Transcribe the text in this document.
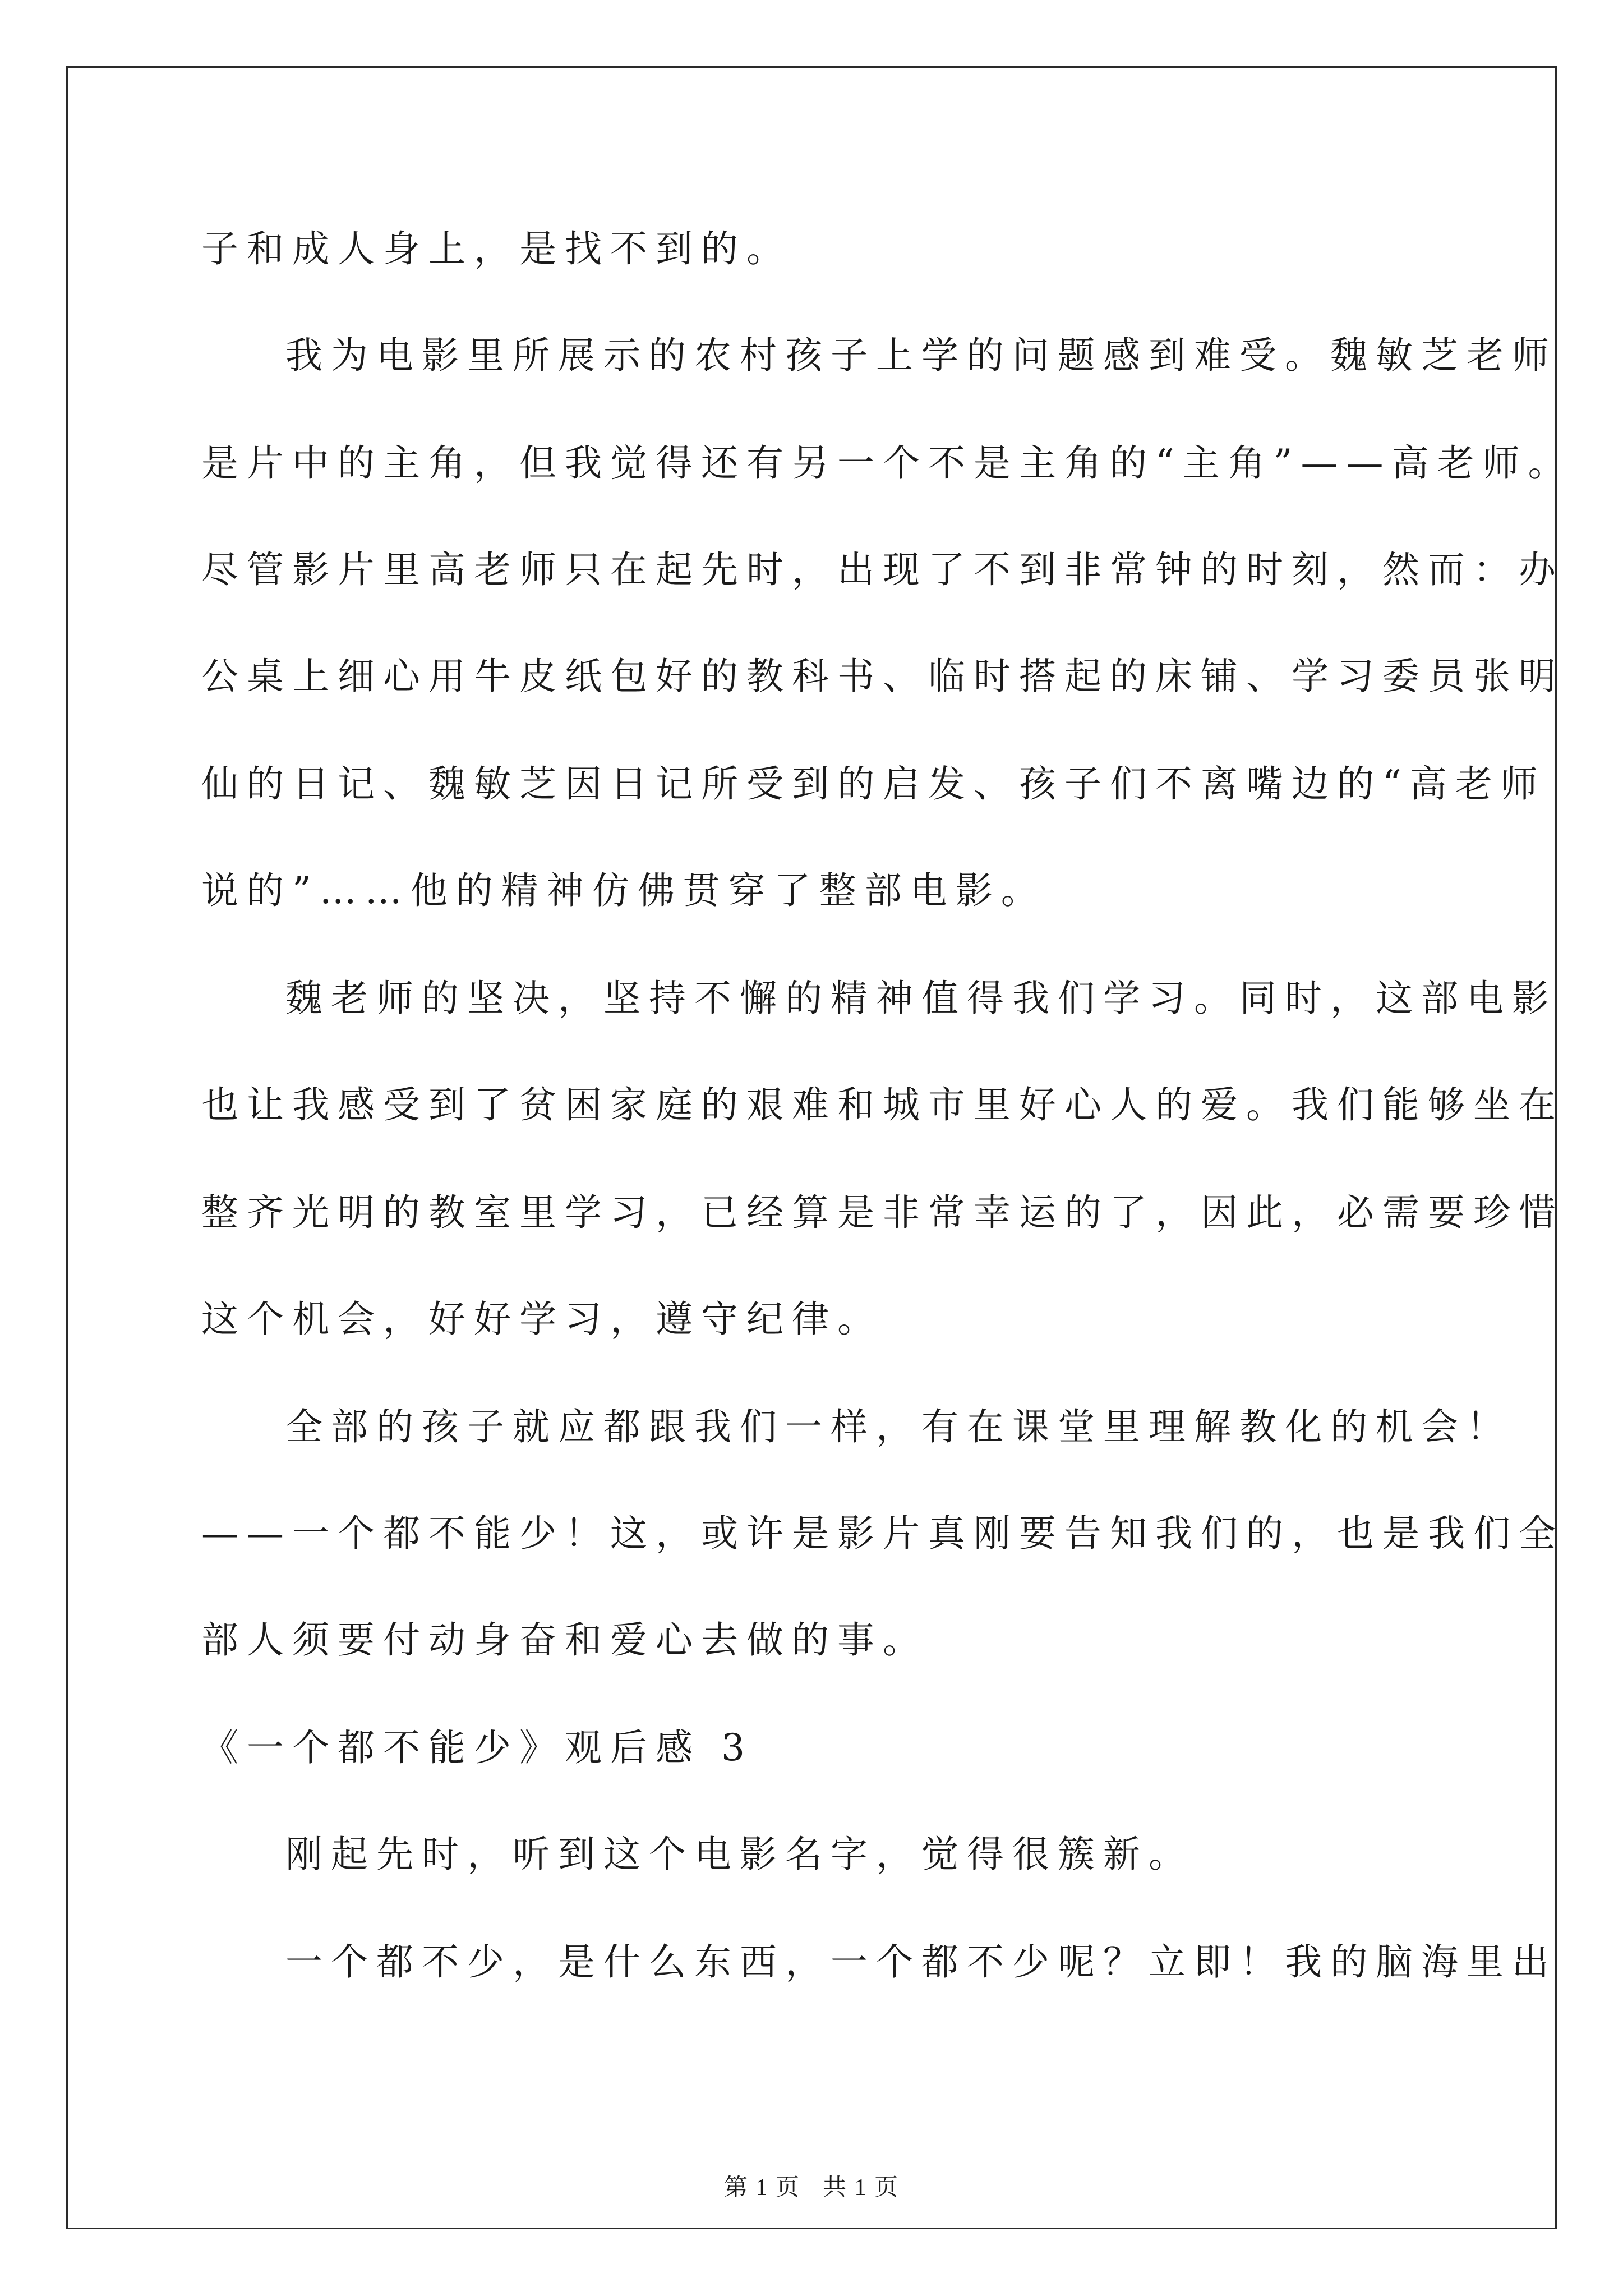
子和成人身上，是找不到的。
我为电影里所展示的农村孩子上学的问题感到难受。魏敏芝老师
是片中的主角，但我觉得还有另一个不是主角的“主角”——高老师。
尽管影片里高老师只在起先时，出现了不到非常钟的时刻，然而：办
公桌上细心用牛皮纸包好的教科书、临时搭起的床铺、学习委员张明
仙的日记、魏敏芝因日记所受到的启发、孩子们不离嘴边的“高老师
说的”……他的精神仿佛贯穿了整部电影。
魏老师的坚决，坚持不懈的精神值得我们学习。同时，这部电影
也让我感受到了贫困家庭的艰难和城市里好心人的爱。我们能够坐在
整齐光明的教室里学习，已经算是非常幸运的了，因此，必需要珍惜
这个机会，好好学习，遵守纪律。
全部的孩子就应都跟我们一样，有在课堂里理解教化的机会！
——一个都不能少！这，或许是影片真刚要告知我们的，也是我们全
部人须要付动身奋和爱心去做的事。
《一个都不能少》观后感 3
刚起先时，听到这个电影名字，觉得很簇新。
一个都不少，是什么东西，一个都不少呢？立即！我的脑海里出
第 1 页 共 1 页
